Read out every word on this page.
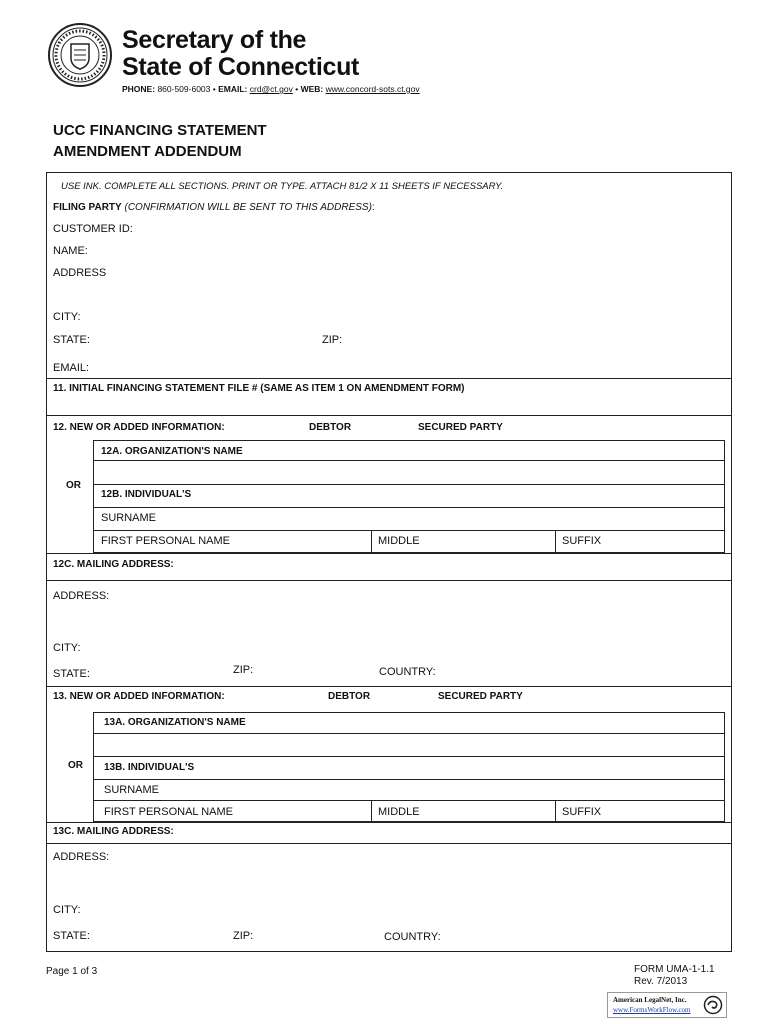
Secretary of the
State of Connecticut
PHONE: 860-509-6003 • EMAIL: crd@ct.gov • WEB: www.concord-sots.ct.gov
UCC FINANCING STATEMENT
AMENDMENT ADDENDUM
USE INK. COMPLETE ALL SECTIONS. PRINT OR TYPE. ATTACH 81/2 X 11 SHEETS IF NECESSARY.
FILING PARTY (CONFIRMATION WILL BE SENT TO THIS ADDRESS):
CUSTOMER ID:
NAME:
ADDRESS
CITY:
STATE:	ZIP:
EMAIL:
11. INITIAL FINANCING STATEMENT FILE # (SAME AS ITEM 1 ON AMENDMENT FORM)
12. NEW OR ADDED INFORMATION:	DEBTOR	SECURED PARTY
12A. ORGANIZATION'S NAME
OR
12B. INDIVIDUAL'S
SURNAME
FIRST PERSONAL NAME	MIDDLE	SUFFIX
12C. MAILING ADDRESS:
ADDRESS:
CITY:
STATE:	ZIP:	COUNTRY:
13. NEW OR ADDED INFORMATION:	DEBTOR	SECURED PARTY
13A. ORGANIZATION'S NAME
OR 13B. INDIVIDUAL'S
SURNAME
FIRST PERSONAL NAME	MIDDLE	SUFFIX
13C. MAILING ADDRESS:
ADDRESS:
CITY:
STATE:	ZIP:	COUNTRY:
Page 1 of 3	FORM UMA-1-1.1
Rev. 7/2013
American LegalNet, Inc.
www.FormsWorkFlow.com
